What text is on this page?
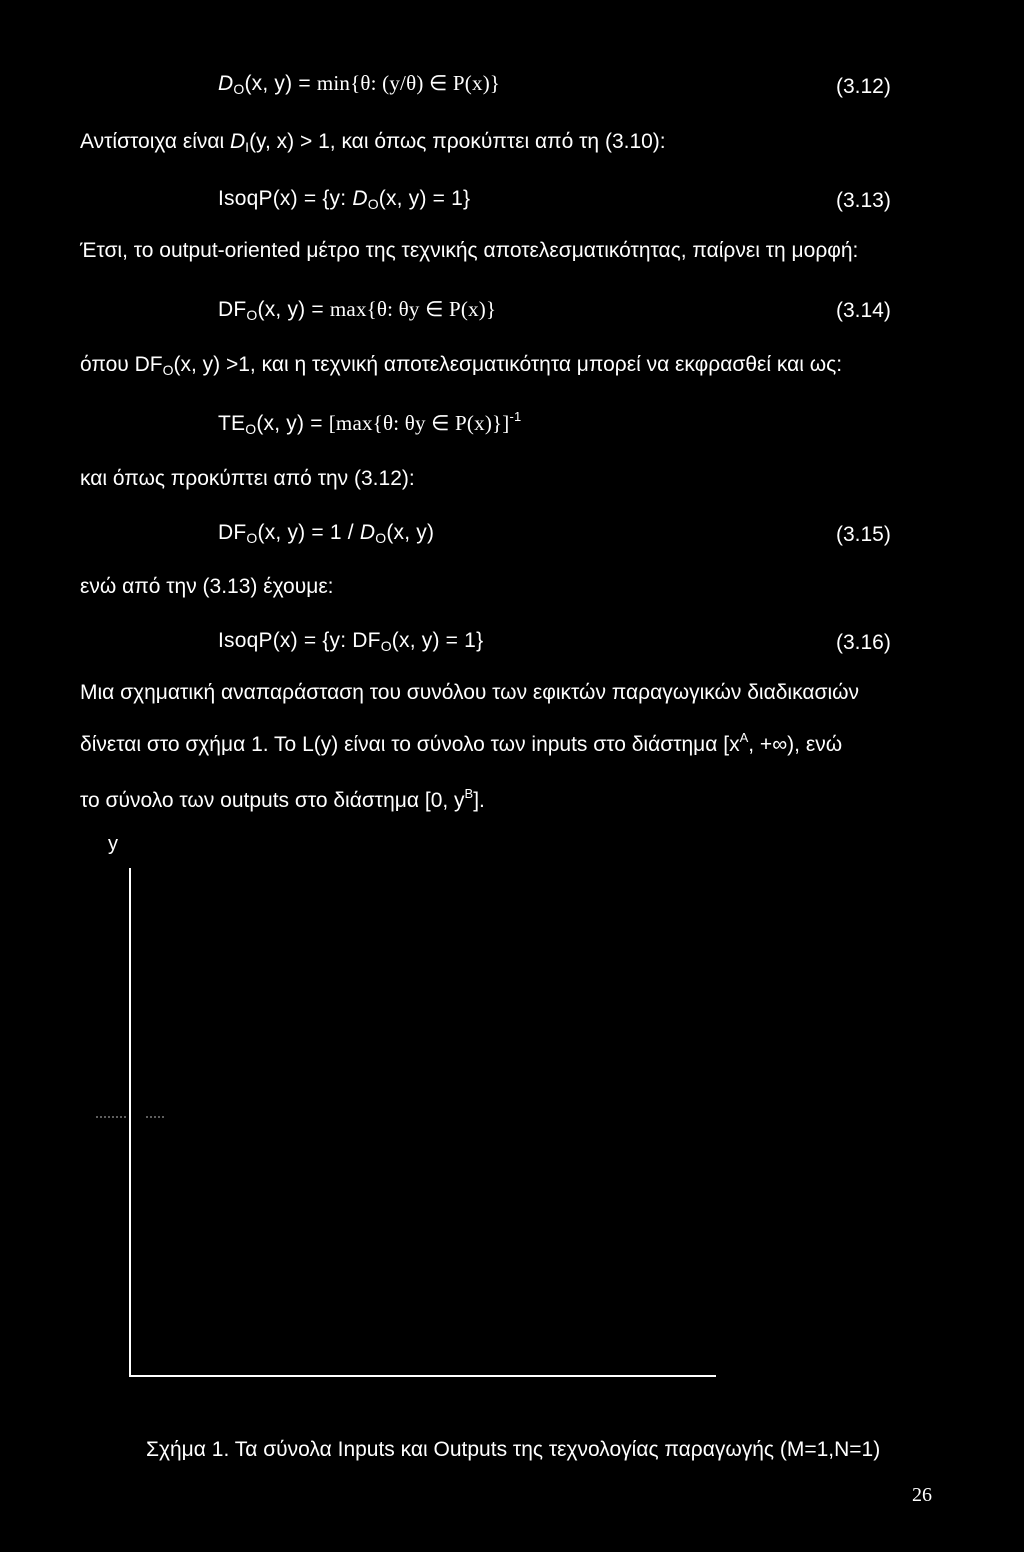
DO(x, y) = min{θ: (y/θ) ∈ P(x)}	(3.12)
Αντίστοιχα είναι DI(y, x) > 1, και όπως προκύπτει από τη (3.10):
IsoqP(x) = {y: DO(x, y) = 1}	(3.13)
Έτσι, το output-oriented μέτρο της τεχνικής αποτελεσματικότητας, παίρνει τη μορφή:
DFO(x, y) = max{θ: θy ∈ P(x)}	(3.14)
όπου DFO(x, y) >1, και η τεχνική αποτελεσματικότητα μπορεί να εκφρασθεί και ως:
TEO(x, y) = [max{θ: θy ∈ P(x)}]$^{-1}$
και όπως προκύπτει από την (3.12):
DFO(x, y) = 1 / DO(x, y)	(3.15)
ενώ από την (3.13) έχουμε:
IsoqP(x) = {y: DFO(x, y) = 1}	(3.16)
Μια σχηματική αναπαράσταση του συνόλου των εφικτών παραγωγικών διαδικασιών
δίνεται στο σχήμα 1. Το L(y) είναι το σύνολο των inputs στο διάστημα [$x^A$, +∞), ενώ
το σύνολο των outputs στο διάστημα [0, $y^B$].
y
Σχήμα 1. Τα σύνολα Inputs και Outputs της τεχνολογίας παραγωγής (M=1,N=1)
26
